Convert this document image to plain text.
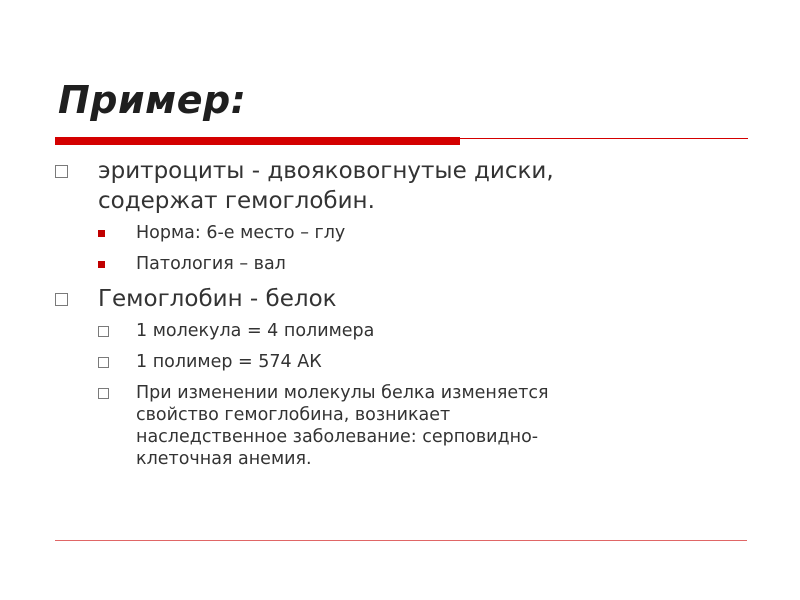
Пример:
эритроциты - двояковогнутые диски,
содержат гемоглобин.
Норма: 6-е место – глу
Патология – вал
Гемоглобин - белок
1 молекула = 4 полимера
1 полимер = 574 АК
При изменении молекулы белка изменяется
свойство гемоглобина, возникает
наследственное заболевание: серповидно-
клеточная анемия.
